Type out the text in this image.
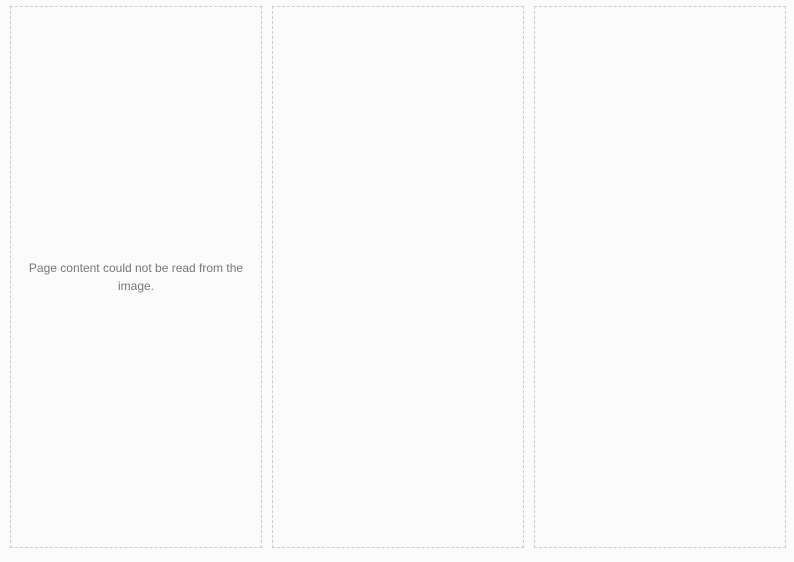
Page content could not be read from the image.
